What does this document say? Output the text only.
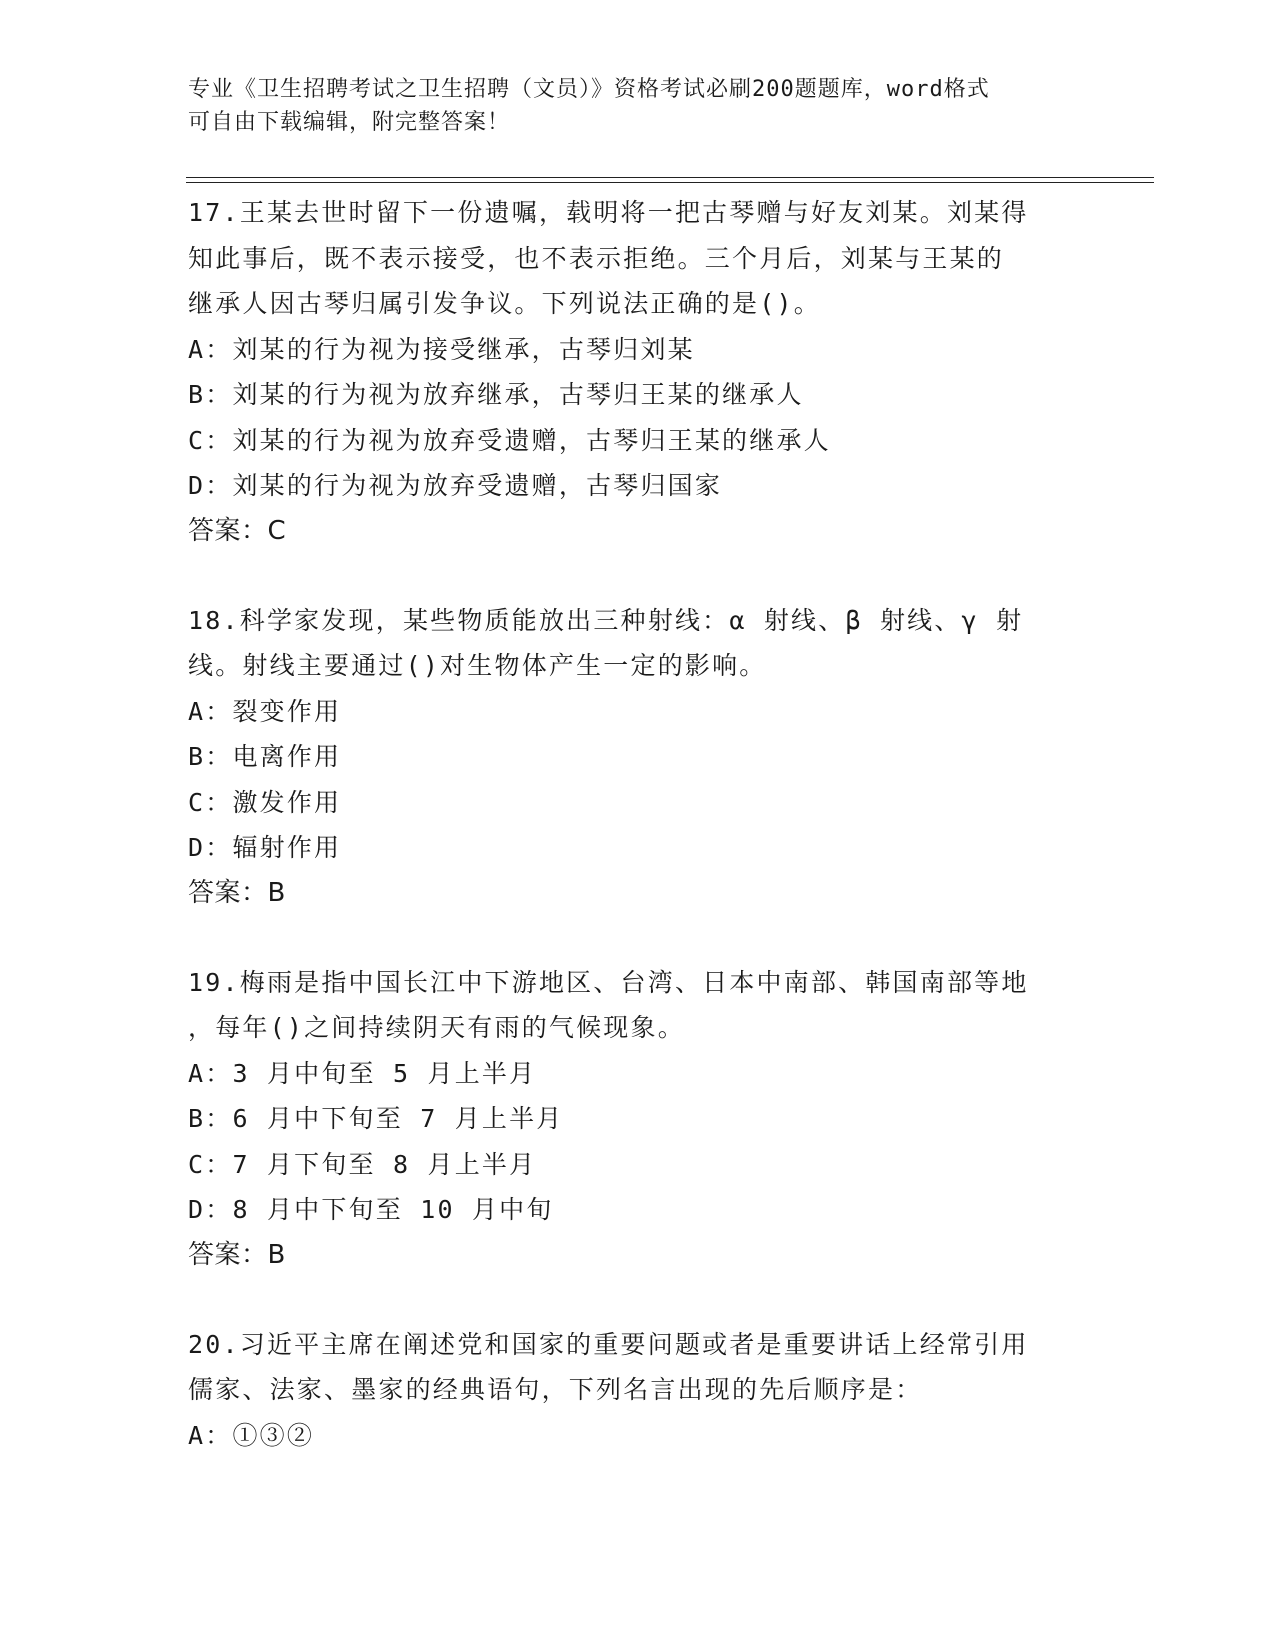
专业《卫生招聘考试之卫生招聘（文员）》资格考试必刷200题题库，word格式
可自由下载编辑，附完整答案！
17.王某去世时留下一份遗嘱，载明将一把古琴赠与好友刘某。刘某得
知此事后，既不表示接受，也不表示拒绝。三个月后，刘某与王某的
继承人因古琴归属引发争议。下列说法正确的是()。
A：刘某的行为视为接受继承，古琴归刘某
B：刘某的行为视为放弃继承，古琴归王某的继承人
C：刘某的行为视为放弃受遗赠，古琴归王某的继承人
D：刘某的行为视为放弃受遗赠，古琴归国家
答案：C
18.科学家发现，某些物质能放出三种射线：α 射线、β 射线、γ 射
线。射线主要通过()对生物体产生一定的影响。
A：裂变作用
B：电离作用
C：激发作用
D：辐射作用
答案：B
19.梅雨是指中国长江中下游地区、台湾、日本中南部、韩国南部等地
，每年()之间持续阴天有雨的气候现象。
A：3 月中旬至 5 月上半月
B：6 月中下旬至 7 月上半月
C：7 月下旬至 8 月上半月
D：8 月中下旬至 10 月中旬
答案：B
20.习近平主席在阐述党和国家的重要问题或者是重要讲话上经常引用
儒家、法家、墨家的经典语句，下列名言出现的先后顺序是：
A：①③②
